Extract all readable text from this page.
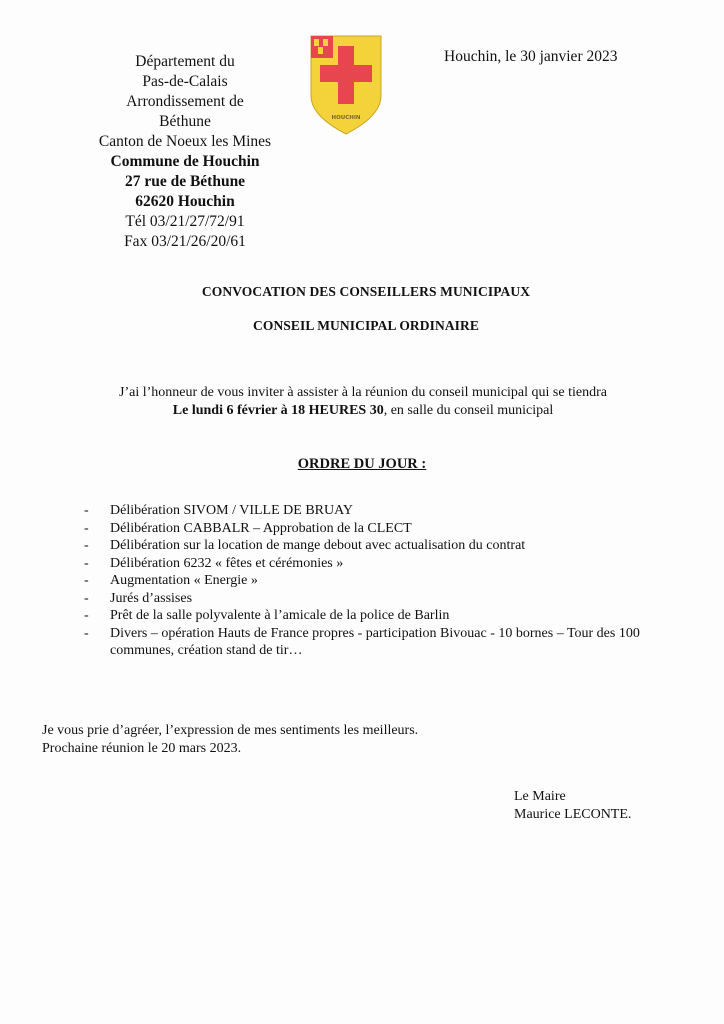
Département du
Pas-de-Calais
Arrondissement de
Béthune
Canton de Noeux les Mines
Commune de Houchin
27 rue de Béthune
62620 Houchin
Tél 03/21/27/72/91
Fax 03/21/26/20/61
HOUCHIN
Houchin, le 30 janvier 2023
CONVOCATION DES CONSEILLERS MUNICIPAUX
CONSEIL MUNICIPAL ORDINAIRE
J’ai l’honneur de vous inviter à assister à la réunion du conseil municipal qui se tiendra
Le lundi 6 février à 18 HEURES 30, en salle du conseil municipal
ORDRE DU JOUR :
- Délibération SIVOM / VILLE DE BRUAY
- Délibération CABBALR – Approbation de la CLECT
- Délibération sur la location de mange debout avec actualisation du contrat
- Délibération 6232 « fêtes et cérémonies »
- Augmentation « Energie »
- Jurés d’assises
- Prêt de la salle polyvalente à l’amicale de la police de Barlin
- Divers – opération Hauts de France propres - participation Bivouac - 10 bornes – Tour des 100 communes, création stand de tir…
Je vous prie d’agréer, l’expression de mes sentiments les meilleurs.
Prochaine réunion le 20 mars 2023.
Le Maire
Maurice LECONTE.
